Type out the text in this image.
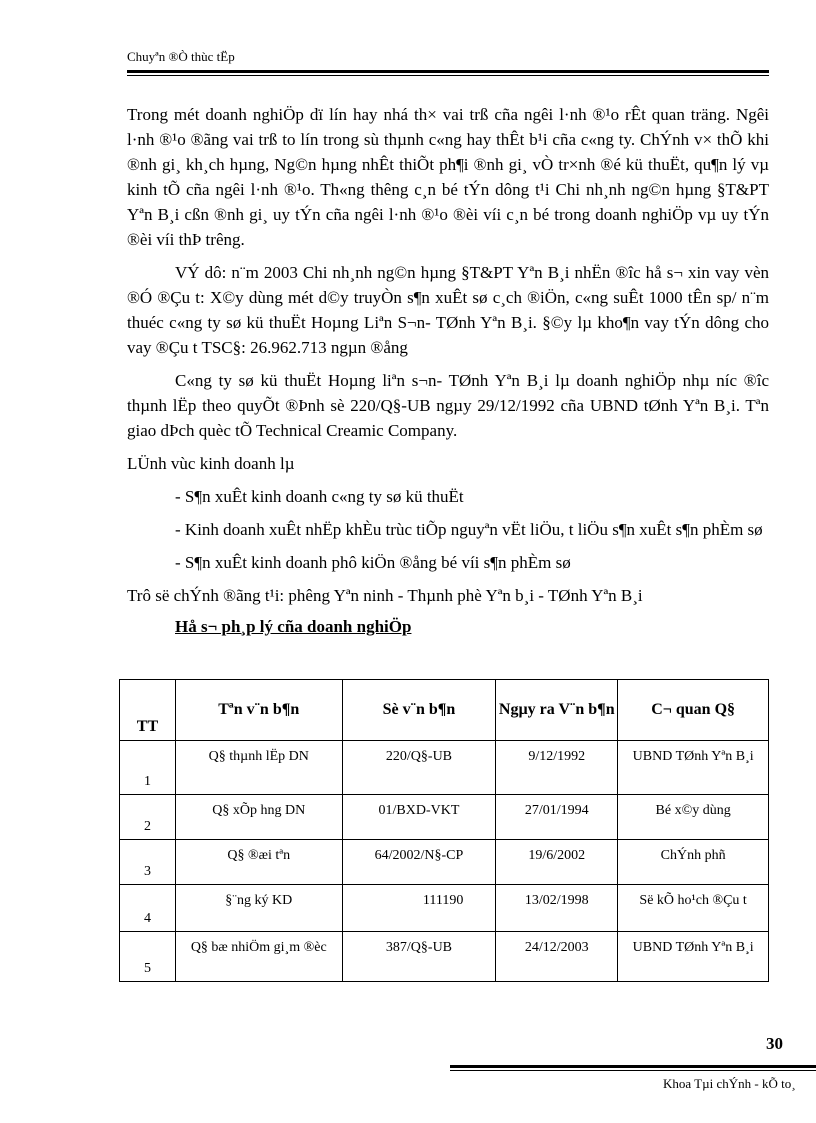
Chuyªn ®Ò thùc tËp

Trong mét doanh nghiÖp dï lín hay nhá th× vai trß cña ngêi l·nh ®¹o rÊt quan träng. Ngêi l·nh ®¹o ®ãng vai trß to lín trong sù thµnh c«ng hay thÊt b¹i cña c«ng ty. ChÝnh v× thÕ khi ®nh gi¸ kh¸ch hµng, Ng©n hµng nhÊt thiÕt ph¶i ®nh gi¸ vÒ tr×nh ®é kü thuËt, qu¶n lý vµ kinh tÕ cña ngêi l·nh ®¹o. Th«ng thêng c¸n bé tÝn dông t¹i Chi nh¸nh ng©n hµng §T&PT Yªn B¸i cßn ®nh gi¸ uy tÝn cña ngêi l·nh ®¹o ®èi víi c¸n bé trong doanh nghiÖp vµ uy tÝn ®èi víi thÞ trêng.

VÝ dô: n¨m 2003 Chi nh¸nh ng©n hµng §T&PT Yªn B¸i nhËn ®îc hå s¬ xin vay vèn ®Ó ®Çu t: X©y dùng mét d©y truyÒn s¶n xuÊt sø c¸ch ®iÖn, c«ng suÊt 1000 tÊn sp/ n¨m thuéc c«ng ty sø kü thuËt Hoµng Liªn S¬n- TØnh Yªn B¸i. §©y lµ kho¶n vay tÝn dông cho vay ®Çu t TSC§: 26.962.713 ngµn ®ång

C«ng ty sø kü thuËt Hoµng liªn s¬n- TØnh Yªn B¸i lµ doanh nghiÖp nhµ níc ®îc thµnh lËp theo quyÕt ®Þnh sè 220/Q§-UB ngµy 29/12/1992 cña UBND tØnh Yªn B¸i. Tªn giao dÞch quèc tÕ Technical Creamic Company.

LÜnh vùc kinh doanh lµ

- S¶n xuÊt kinh doanh c«ng ty sø kü thuËt

- Kinh doanh xuÊt nhËp khÈu trùc tiÕp nguyªn vËt liÖu, t liÖu s¶n xuÊt s¶n phÈm sø

- S¶n xuÊt kinh doanh phô kiÖn ®ång bé víi s¶n phÈm sø

Trô së chÝnh ®ãng t¹i: phêng Yªn ninh - Thµnh phè Yªn b¸i - TØnh Yªn B¸i

Hå s¬ ph¸p lý cña doanh nghiÖp

TT	Tªn v¨n b¶n	Sè v¨n b¶n	Ngµy ra V¨n b¶n	C¬ quan Q§
1	Q§ thµnh lËp DN	220/Q§-UB	9/12/1992	UBND TØnh Yªn B¸i
2	Q§ xÕp hng DN	01/BXD-VKT	27/01/1994	Bé x©y dùng
3	Q§ ®æi tªn	64/2002/N§-CP	19/6/2002	ChÝnh phñ
4	§¨ng ký KD	111190	13/02/1998	Së kÕ ho¹ch ®Çu t
5	Q§ bæ nhiÖm gi¸m ®èc	387/Q§-UB	24/12/2003	UBND TØnh Yªn B¸i
30
Khoa Tµi chÝnh - kÕ to¸
